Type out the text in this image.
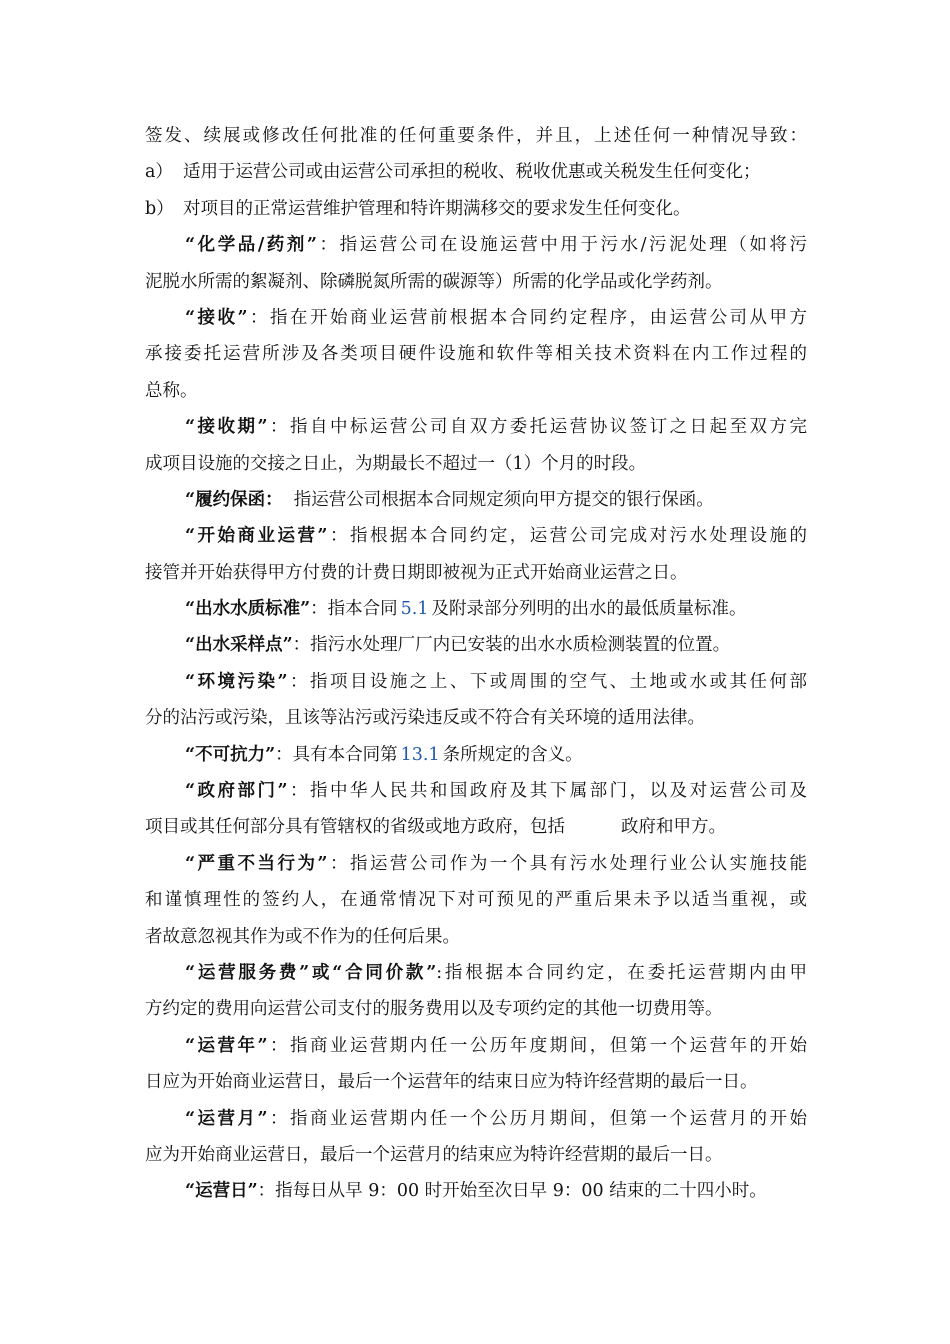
签发、续展或修改任何批准的任何重要条件，并且，上述任何一种情况导致：
a） 适用于运营公司或由运营公司承担的税收、税收优惠或关税发生任何变化；
b） 对项目的正常运营维护管理和特许期满移交的要求发生任何变化。
“化学品/药剂”：指运营公司在设施运营中用于污水/污泥处理（如将污
泥脱水所需的絮凝剂、除磷脱氮所需的碳源等）所需的化学品或化学药剂。
“接收”：指在开始商业运营前根据本合同约定程序，由运营公司从甲方
承接委托运营所涉及各类项目硬件设施和软件等相关技术资料在内工作过程的
总称。
“接收期”：指自中标运营公司自双方委托运营协议签订之日起至双方完
成项目设施的交接之日止，为期最长不超过一（1）个月的时段。
“履约保函：  指运营公司根据本合同规定须向甲方提交的银行保函。
“开始商业运营”：指根据本合同约定，运营公司完成对污水处理设施的
接管并开始获得甲方付费的计费日期即被视为正式开始商业运营之日。
“出水水质标准”：指本合同 5.1 及附录部分列明的出水的最低质量标准。
“出水采样点”：指污水处理厂厂内已安装的出水水质检测装置的位置。
“环境污染”：指项目设施之上、下或周围的空气、土地或水或其任何部
分的沾污或污染，且该等沾污或污染违反或不符合有关环境的适用法律。
“不可抗力”：具有本合同第 13.1 条所规定的含义。
“政府部门”：指中华人民共和国政府及其下属部门，以及对运营公司及
项目或其任何部分具有管辖权的省级或地方政府，包括	政府和甲方。
“严重不当行为”：指运营公司作为一个具有污水处理行业公认实施技能
和谨慎理性的签约人，在通常情况下对可预见的严重后果未予以适当重视，或
者故意忽视其作为或不作为的任何后果。
“运营服务费”或“合同价款”:指根据本合同约定，在委托运营期内由甲
方约定的费用向运营公司支付的服务费用以及专项约定的其他一切费用等。
“运营年”：指商业运营期内任一公历年度期间，但第一个运营年的开始
日应为开始商业运营日，最后一个运营年的结束日应为特许经营期的最后一日。
“运营月”：指商业运营期内任一个公历月期间，但第一个运营月的开始
应为开始商业运营日，最后一个运营月的结束应为特许经营期的最后一日。
“运营日”：指每日从早 9：00 时开始至次日早 9：00 结束的二十四小时。
